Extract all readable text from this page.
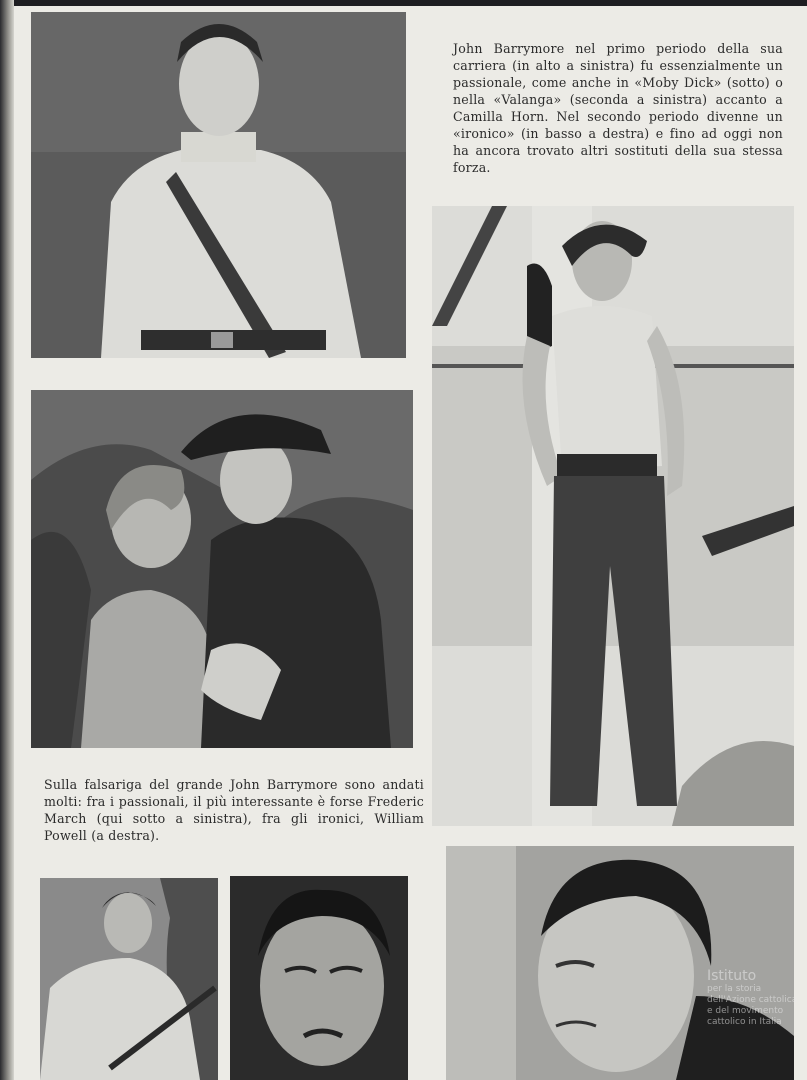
John Barrymore nel primo periodo della sua carriera (in alto a sinistra) fu essenzialmente un passionale, come anche in «Moby Dick» (sotto) o nella «Valanga» (seconda a sinistra) accanto a Camilla Horn. Nel secondo periodo divenne un «ironico» (in basso a destra) e fino ad oggi non ha ancora trovato altri sostituti della sua stessa forza.

Sulla falsariga del grande John Barrymore sono andati molti: fra i passionali, il più interessante è forse Frederic March (qui sotto a sinistra), fra gli ironici, William Powell (a destra).

Istituto
per la storia
dell'Azione cattolica
e del movimento
cattolico in Italia
